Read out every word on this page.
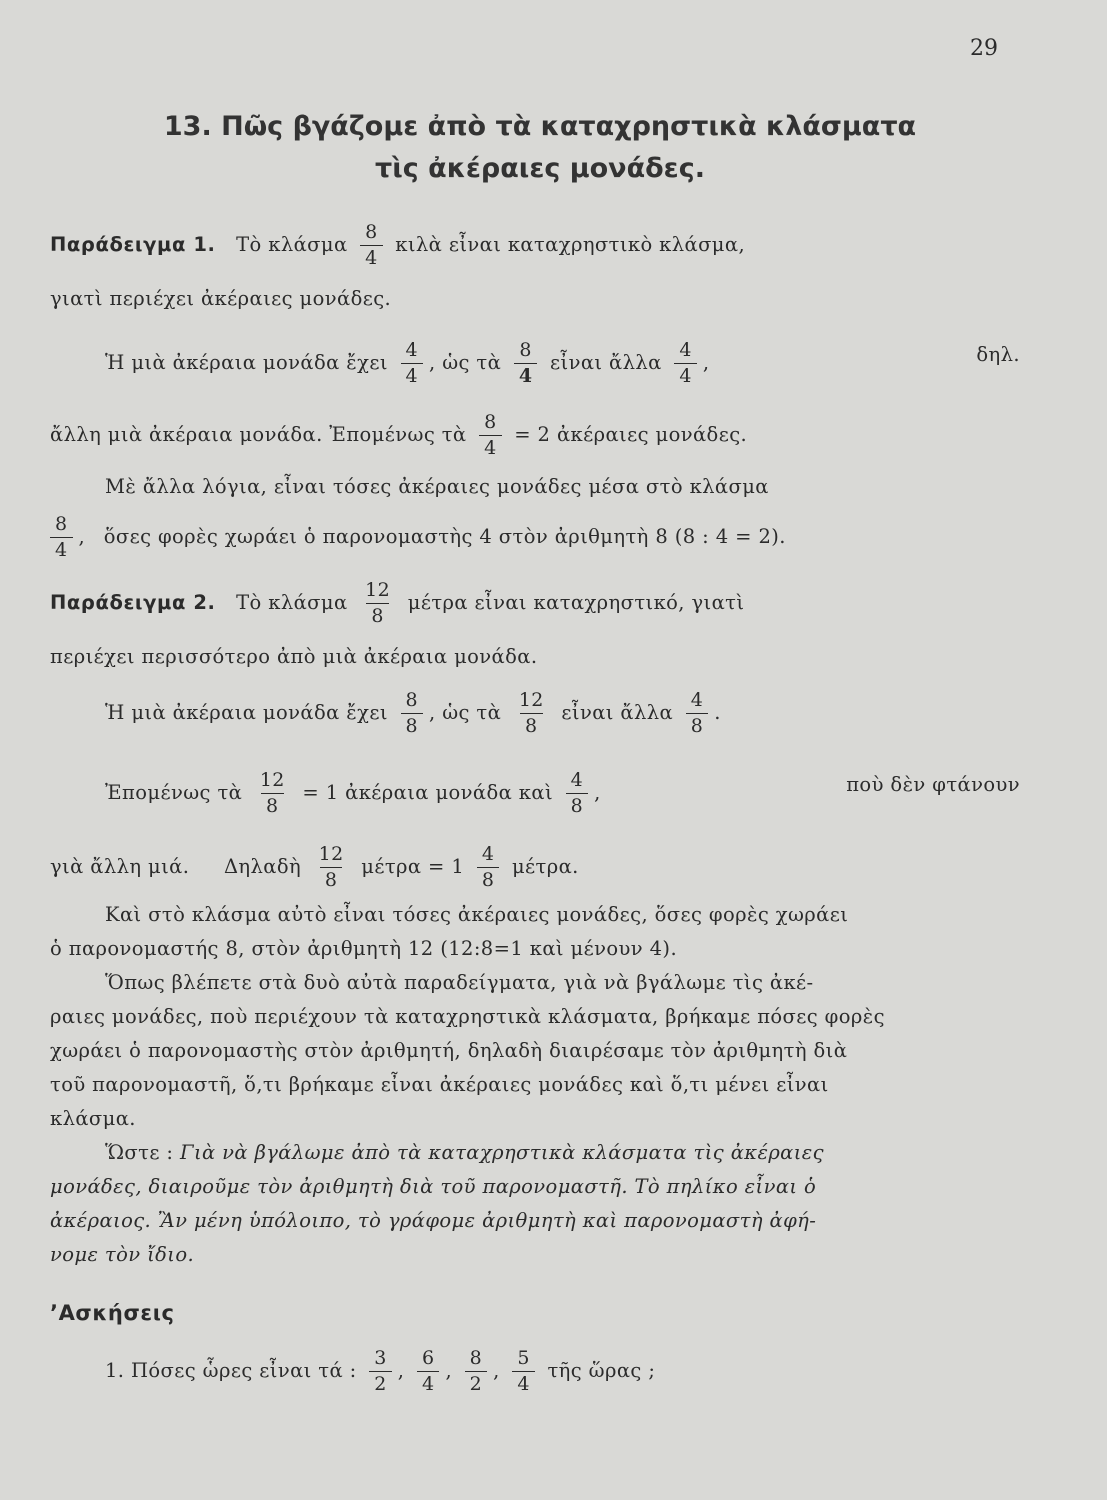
29
13. Πῶς βγάζομε ἀπὸ τὰ καταχρηστικὰ κλάσματα
τὶς ἀκέραιες μονάδες.
Παράδειγμα 1. Τὸ κλάσμα $\frac{8}{4}$ κιλὰ εἶναι καταχρηστικὸ κλάσμα,
γιατὶ περιέχει ἀκέραιες μονάδες.
Ἡ μιὰ ἀκέραια μονάδα ἔχει $\frac{4}{4}$ , ὡς τὰ $\frac{8}{4}$ εἶναι ἄλλα $\frac{4}{4}$ ,	δηλ.
ἄλλη μιὰ ἀκέραια μονάδα. Ἐπομένως τὰ $\frac{8}{4} = 2$ ἀκέραιες μονάδες.
Μὲ ἄλλα λόγια, εἶναι τόσες ἀκέραιες μονάδες μέσα στὸ κλάσμα
$\frac{8}{4}$ , ὅσες φορὲς χωράει ὁ παρονομαστὴς 4 στὸν ἀριθμητὴ 8 (8 : 4 = 2).
Παράδειγμα 2. Τὸ κλάσμα $\frac{12}{8}$ μέτρα εἶναι καταχρηστικό, γιατὶ
περιέχει περισσότερο ἀπὸ μιὰ ἀκέραια μονάδα.
Ἡ μιὰ ἀκέραια μονάδα ἔχει $\frac{8}{8}$ , ὡς τὰ $\frac{12}{8}$ εἶναι ἄλλα $\frac{4}{8}$ .
Ἐπομένως τὰ $\frac{12}{8} = 1$ ἀκέραια μονάδα καὶ $\frac{4}{8}$ ,	ποὺ δὲν φτάνουν
γιὰ ἄλλη μιά. Δηλαδὴ $\frac{12}{8}$ $\mu έ\tau\rho\alpha = 1 \frac{4}{8} \mu έ\tau\rho\alpha$.
Καὶ στὸ κλάσμα αὐτὸ εἶναι τόσες ἀκέραιες μονάδες, ὅσες φορὲς χωράει
ὁ παρονομαστής 8, στὸν ἀριθμητὴ 12 (12:8=1 καὶ μένουν 4).
Ὅπως βλέπετε στὰ δυὸ αὐτὰ παραδείγματα, γιὰ νὰ βγάλωμε τὶς ἀκέ-
ραιες μονάδες, ποὺ περιέχουν τὰ καταχρηστικὰ κλάσματα, βρήκαμε πόσες φορὲς
χωράει ὁ παρονομαστὴς στὸν ἀριθμητή, δηλαδὴ διαιρέσαμε τὸν ἀριθμητὴ διὰ
τοῦ παρονομαστῆ, ὅ,τι βρήκαμε εἶναι ἀκέραιες μονάδες καὶ ὅ,τι μένει εἶναι
κλάσμα.
Ὥστε : Γιὰ νὰ βγάλωμε ἀπὸ τὰ καταχρηστικὰ κλάσματα τὶς ἀκέραιες
μονάδες, διαιροῦμε τὸν ἀριθμητὴ διὰ τοῦ παρονομαστῆ. Τὸ πηλίκο εἶναι ὁ
ἀκέραιος. Ἂν μένη ὑπόλοιπο, τὸ γράφομε ἀριθμητὴ καὶ παρονομαστὴ ἀφή-
νομε τὸν ἴδιο.
ʼΑσκήσεις
1. Πόσες ὧρες εἶναι τά : $\frac{3}{2}$ , $\frac{6}{4}$ , $\frac{8}{2}$ , $\frac{5}{4}$ τῆς ὥρας ;
